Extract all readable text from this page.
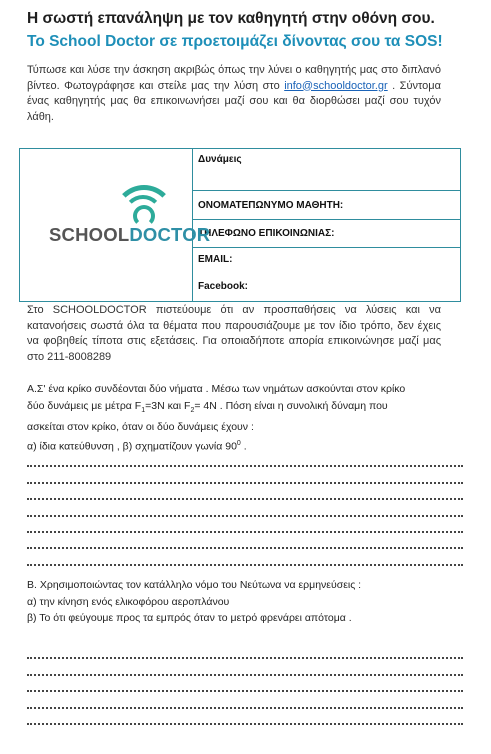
Η σωστή επανάληψη με τον καθηγητή στην οθόνη σου.
Το School Doctor σε προετοιμάζει δίνοντας σου τα SOS!
Τύπωσε και λύσε την άσκηση ακριβώς όπως την λύνει ο καθηγητής μας στο διπλανό βίντεο. Φωτογράφησε και στείλε μας την λύση στο info@schooldoctor.gr . Σύντομα ένας καθηγητής μας θα επικοινωνήσει μαζί σου και θα διορθώσει μαζί σου τυχόν λάθη.
SCHOOLDOCTOR
	Δυνάμεις
ΟΝΟΜΑΤΕΠΩΝΥΜΟ ΜΑΘΗΤΗ:
ΤΗΛΕΦΩΝΟ ΕΠΙΚΟΙΝΩΝΙΑΣ:
EMAIL:
Facebook:
Στο SCHOOLDOCTOR πιστεύουμε ότι αν προσπαθήσεις να λύσεις και να κατανοήσεις σωστά όλα τα θέματα που παρουσιάζουμε με τον ίδιο τρόπο, δεν έχεις να φοβηθείς τίποτα στις εξετάσεις. Για οποιαδήποτε απορία επικοινώνησε μαζί μας στο 211-8008289
Α.Σ' ένα κρίκο συνδέονται δύο νήματα . Μέσω των νημάτων ασκούνται στον κρίκο
δύο δυνάμεις με μέτρα $F_1=3N$ και $F_2= 4N$ . Πόση είναι η συνολική δύναμη που
ασκείται στον κρίκο, όταν οι δύο δυνάμεις έχουν :
α) ίδια κατεύθυνση , β) σχηματίζουν γωνία $90^0$ .
Β. Χρησιμοποιώντας τον κατάλληλο νόμο του Νεύτωνα να ερμηνεύσεις :
α) την κίνηση ενός ελικοφόρου αεροπλάνου
β) Το ότι φεύγουμε προς τα εμπρός όταν το μετρό φρενάρει απότομα .
